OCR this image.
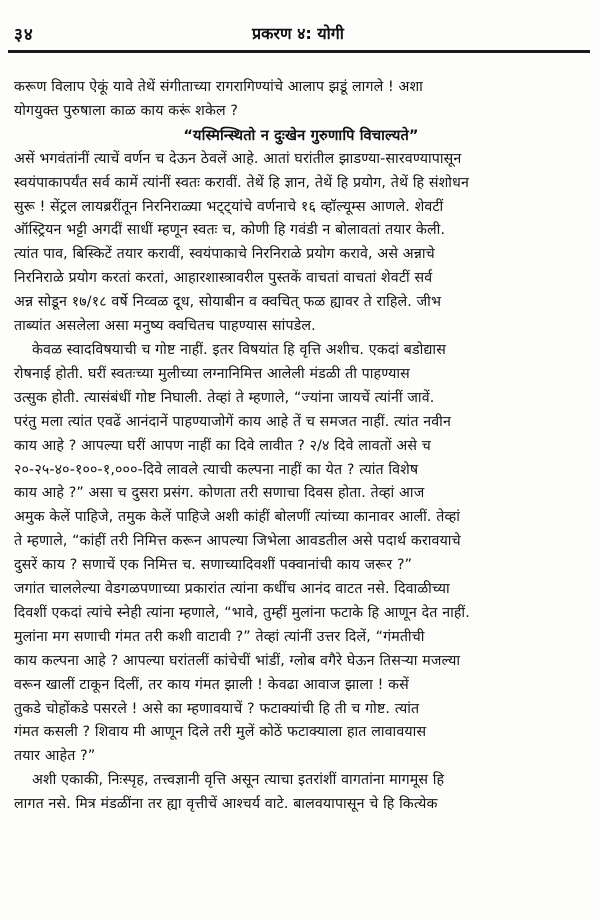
३४	प्रकरण ४: योगी
करूण विलाप ऐकूं यावे तेथें संगीताच्या रागरागिण्यांचे आलाप झडूं लागले ! अशा
योगयुक्त पुरुषाला काळ काय करूं शकेल ?
“यस्मिन्स्थितो न दुःखेन गुरुणापि विचाल्यते”
असें भगवंतांनीं त्याचें वर्णन च देऊन ठेवलें आहे. आतां घरांतील झाडण्या-सारवण्यापासून
स्वयंपाकापर्यंत सर्व कामें त्यांनीं स्वतः करावीं. तेथें हि ज्ञान, तेथें हि प्रयोग, तेथें हि संशोधन
सुरू ! सेंट्रल लायब्ररींतून निरनिराळ्या भट्ट्यांचे वर्णनाचे १६ व्हॉल्यूम्स आणले. शेवटीं
ऑस्ट्रियन भट्टी अगदीं साधीं म्हणून स्वतः च, कोणी हि गवंडी न बोलावतां तयार केली.
त्यांत पाव, बिस्किटें तयार करावीं, स्वयंपाकाचे निरनिराळे प्रयोग करावे, असे अन्नाचे
निरनिराळे प्रयोग करतां करतां, आहारशास्त्रावरील पुस्तकें वाचतां वाचतां शेवटीं सर्व
अन्न सोडून १७/१८ वर्षे निव्वळ दूध, सोयाबीन व क्वचित् फळ ह्यावर ते राहिले. जीभ
ताब्यांत असलेला असा मनुष्य क्वचितच पाहण्यास सांपडेल.
केवळ स्वादविषयाची च गोष्ट नाहीं. इतर विषयांत हि वृत्ति अशीच. एकदां बडोद्यास
रोषनाई होती. घरीं स्वतःच्या मुलीच्या लग्नानिमित्त आलेली मंडळी ती पाहण्यास
उत्सुक होती. त्यासंबंधीं गोष्ट निघाली. तेव्हां ते म्हणाले, “ज्यांना जायचें त्यांनीं जावें.
परंतु मला त्यांत एवढें आनंदानें पाहण्याजोगें काय आहे तें च समजत नाहीं. त्यांत नवीन
काय आहे ? आपल्या घरीं आपण नाहीं का दिवे लावीत ? २/४ दिवे लावतों असे च
२०-२५-४०-१००-१,०००-दिवे लावले त्याची कल्पना नाहीं का येत ? त्यांत विशेष
काय आहे ?” असा च दुसरा प्रसंग. कोणता तरी सणाचा दिवस होता. तेव्हां आज
अमुक केलें पाहिजे, तमुक केलें पाहिजे अशी कांहीं बोलणीं त्यांच्या कानावर आलीं. तेव्हां
ते म्हणाले, “कांहीं तरी निमित्त करून आपल्या जिभेला आवडतील असे पदार्थ करावयाचे
दुसरें काय ? सणाचें एक निमित्त च. सणाच्यादिवशीं पक्वानांची काय जरूर ?”
जगांत चाललेल्या वेडगळपणाच्या प्रकारांत त्यांना कधींच आनंद वाटत नसे. दिवाळीच्या
दिवशीं एकदां त्यांचे स्नेही त्यांना म्हणाले, “भावे, तुम्हीं मुलांना फटाके हि आणून देत नाहीं.
मुलांना मग सणाची गंमत तरी कशी वाटावी ?” तेव्हां त्यांनीं उत्तर दिलें, “गंमतीची
काय कल्पना आहे ? आपल्या घरांतलीं कांचेचीं भांडीं, ग्लोब वगैरे घेऊन तिसऱ्या मजल्या
वरून खालीं टाकून दिलीं, तर काय गंमत झाली ! केवढा आवाज झाला ! कसें
तुकडे चोहोंकडे पसरले ! असे का म्हणावयाचें ? फटाक्यांची हि ती च गोष्ट. त्यांत
गंमत कसली ? शिवाय मी आणून दिले तरी मुलें कोठें फटाक्याला हात लावावयास
तयार आहेत ?”
अशी एकाकी, निःस्पृह, तत्त्वज्ञानी वृत्ति असून त्याचा इतरांशीं वागतांना मागमूस हि
लागत नसे. मित्र मंडळींना तर ह्या वृत्तीचें आश्चर्य वाटे. बालवयापासून चे हि कित्येक
